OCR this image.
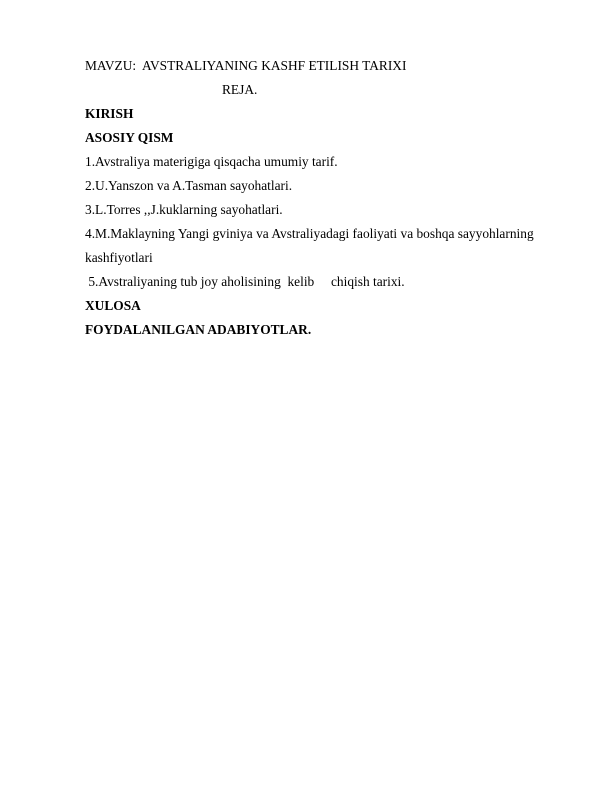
MAVZU:  AVSTRALIYANING KASHF ETILISH TARIXI
REJA.
KIRISH
ASOSIY QISM
1.Avstraliya materigiga qisqacha umumiy tarif.
2.U.Yanszon va A.Tasman sayohatlari.
3.L.Torres ,,J.kuklarning sayohatlari.
4.M.Maklayning Yangi gviniya va Avstraliyadagi faoliyati va boshqa sayyohlarning
kashfiyotlari
5.Avstraliyaning tub joy aholisining  kelib     chiqish tarixi.
XULOSA
FOYDALANILGAN ADABIYOTLAR.
